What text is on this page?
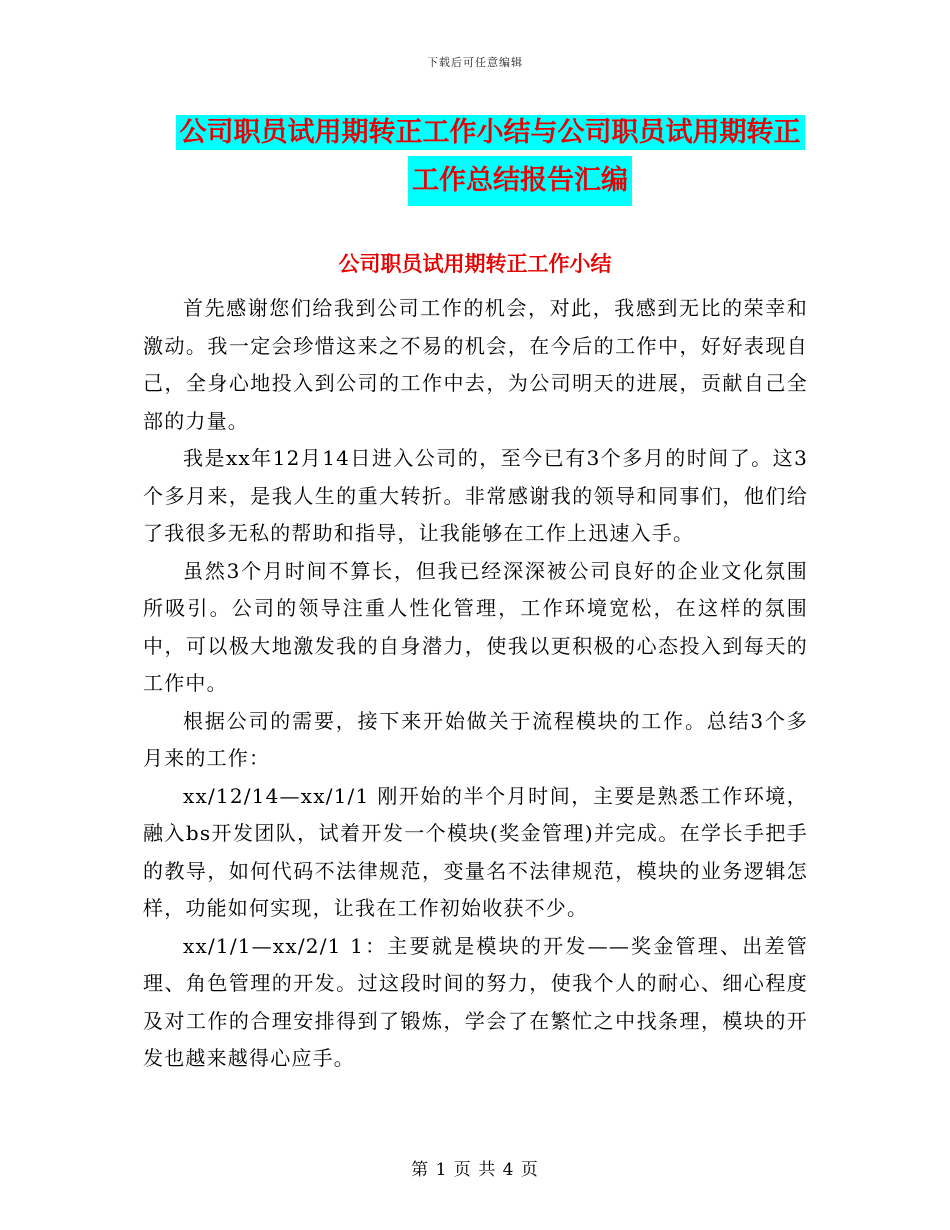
下载后可任意编辑
公司职员试用期转正工作小结与公司职员试用期转正
工作总结报告汇编
公司职员试用期转正工作小结

首先感谢您们给我到公司工作的机会，对此，我感到无比的荣幸和激动。我一定会珍惜这来之不易的机会，在今后的工作中，好好表现自己，全身心地投入到公司的工作中去，为公司明天的进展，贡献自己全部的力量。

我是xx年12月14日进入公司的，至今已有3个多月的时间了。这3个多月来，是我人生的重大转折。非常感谢我的领导和同事们，他们给了我很多无私的帮助和指导，让我能够在工作上迅速入手。

虽然3个月时间不算长，但我已经深深被公司良好的企业文化氛围所吸引。公司的领导注重人性化管理，工作环境宽松，在这样的氛围中，可以极大地激发我的自身潜力，使我以更积极的心态投入到每天的工作中。

根据公司的需要，接下来开始做关于流程模块的工作。总结3个多月来的工作：

xx/12/14—xx/1/1 刚开始的半个月时间，主要是熟悉工作环境，融入bs开发团队，试着开发一个模块(奖金管理)并完成。在学长手把手的教导，如何代码不法律规范，变量名不法律规范，模块的业务逻辑怎样，功能如何实现，让我在工作初始收获不少。

xx/1/1—xx/2/1 1：主要就是模块的开发——奖金管理、出差管理、角色管理的开发。过这段时间的努力，使我个人的耐心、细心程度及对工作的合理安排得到了锻炼，学会了在繁忙之中找条理，模块的开发也越来越得心应手。

第 1 页 共 4 页
